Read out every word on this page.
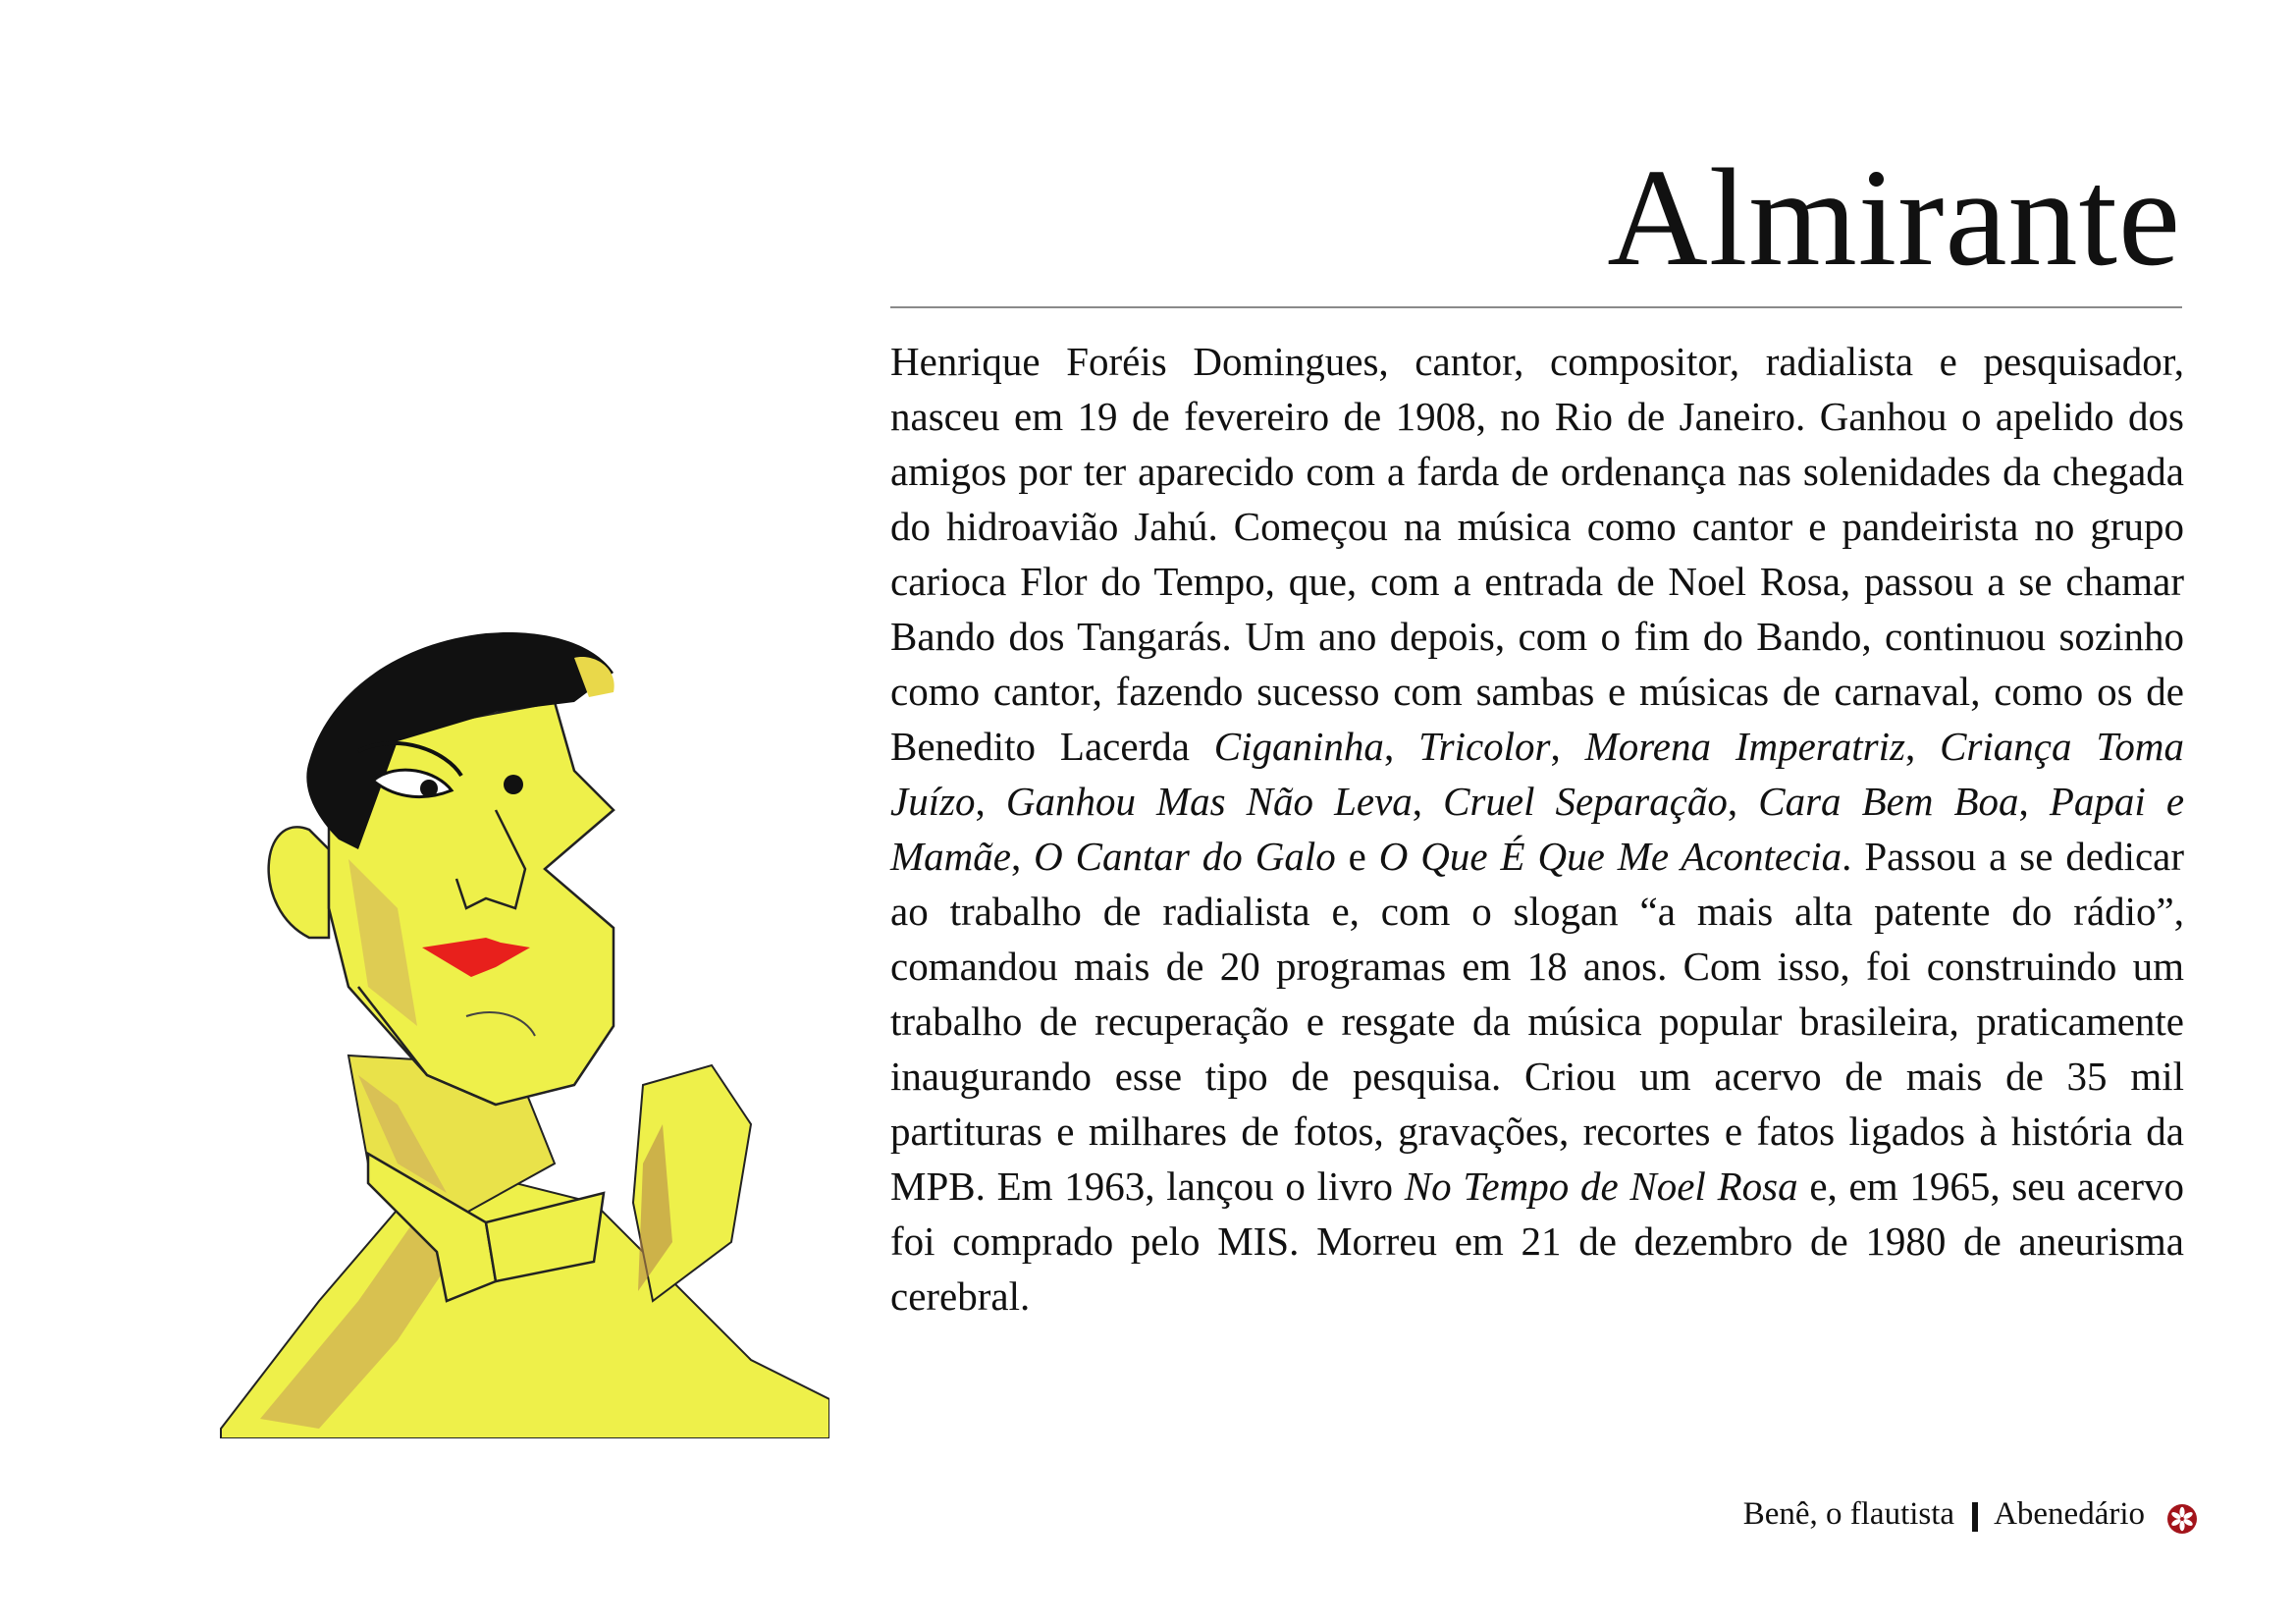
Almirante

Henrique Foréis Domingues, cantor, compositor, radialista e pesquisador, nasceu em 19 de fevereiro de 1908, no Rio de Janeiro. Ganhou o apelido dos amigos por ter aparecido com a farda de ordenança nas solenidades da chegada do hidroavião Jahú. Começou na música como cantor e pandeirista no grupo carioca Flor do Tempo, que, com a entrada de Noel Rosa, passou a se chamar Bando dos Tangarás. Um ano depois, com o fim do Bando, continuou sozinho como cantor, fazendo sucesso com sambas e músicas de carnaval, como os de Benedito Lacerda Ciganinha, Tricolor, Morena Imperatriz, Criança Toma Juízo, Ganhou Mas Não Leva, Cruel Separação, Cara Bem Boa, Papai e Mamãe, O Cantar do Galo e O Que É Que Me Acontecia. Passou a se dedicar ao trabalho de radialista e, com o slogan “a mais alta patente do rádio”, comandou mais de 20 programas em 18 anos. Com isso, foi construindo um trabalho de recuperação e resgate da música popular brasileira, praticamente inaugurando esse tipo de pesquisa. Criou um acervo de mais de 35 mil partituras e milhares de fotos, gravações, recortes e fatos ligados à história da MPB. Em 1963, lançou o livro No Tempo de Noel Rosa e, em 1965, seu acervo foi comprado pelo MIS. Morreu em 21 de dezembro de 1980 de aneurisma cerebral.

Benê, o flautista Abenedário
